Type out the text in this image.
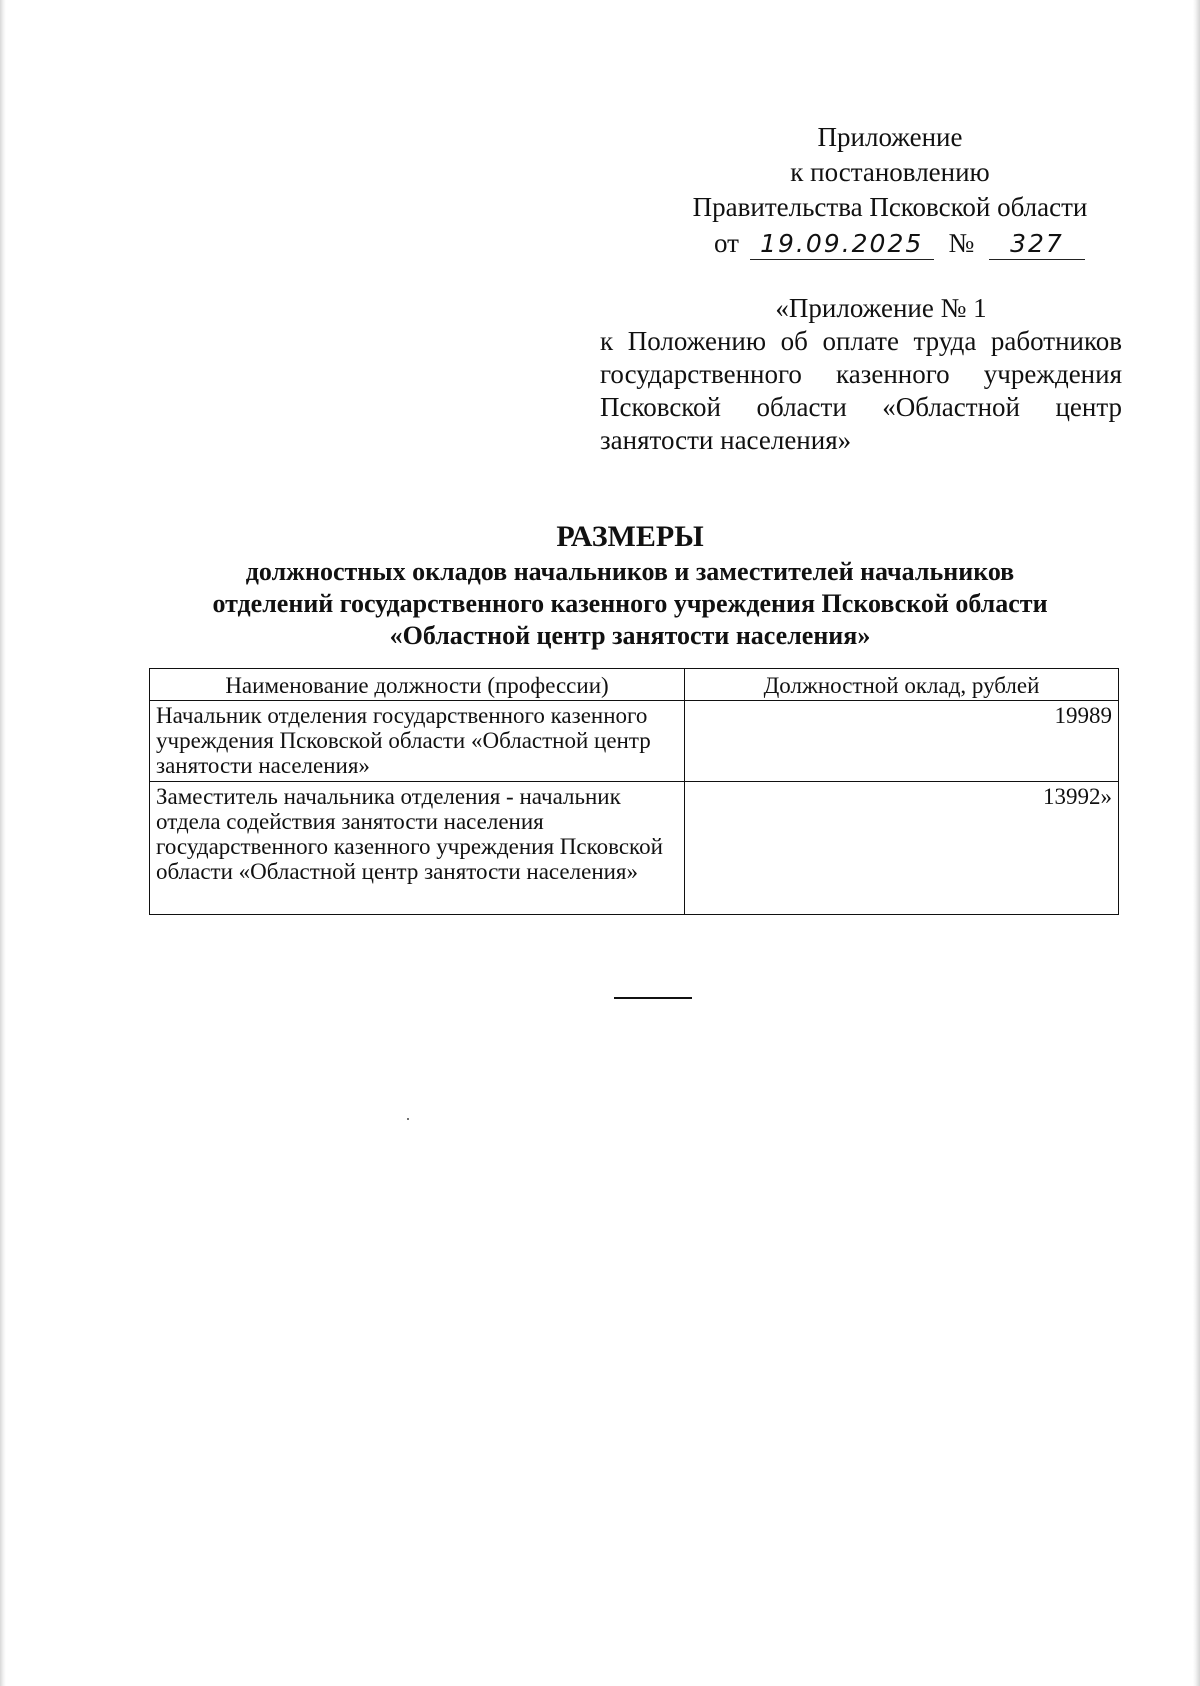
Приложение
к постановлению
Правительства Псковской области
от 19.09.2025 № 327
«Приложение № 1
к Положению об оплате труда работников государственного казенного учреждения Псковской области «Областной центр занятости населения»
РАЗМЕРЫ
должностных окладов начальников и заместителей начальников
отделений государственного казенного учреждения Псковской области
«Областной центр занятости населения»
Наименование должности (профессии)	Должностной оклад, рублей
Начальник отделения государственного казенного учреждения Псковской области «Областной центр занятости населения»	19989
Заместитель начальника отделения - начальник отдела содействия занятости населения государственного казенного учреждения Псковской области «Областной центр занятости населения»	13992»
